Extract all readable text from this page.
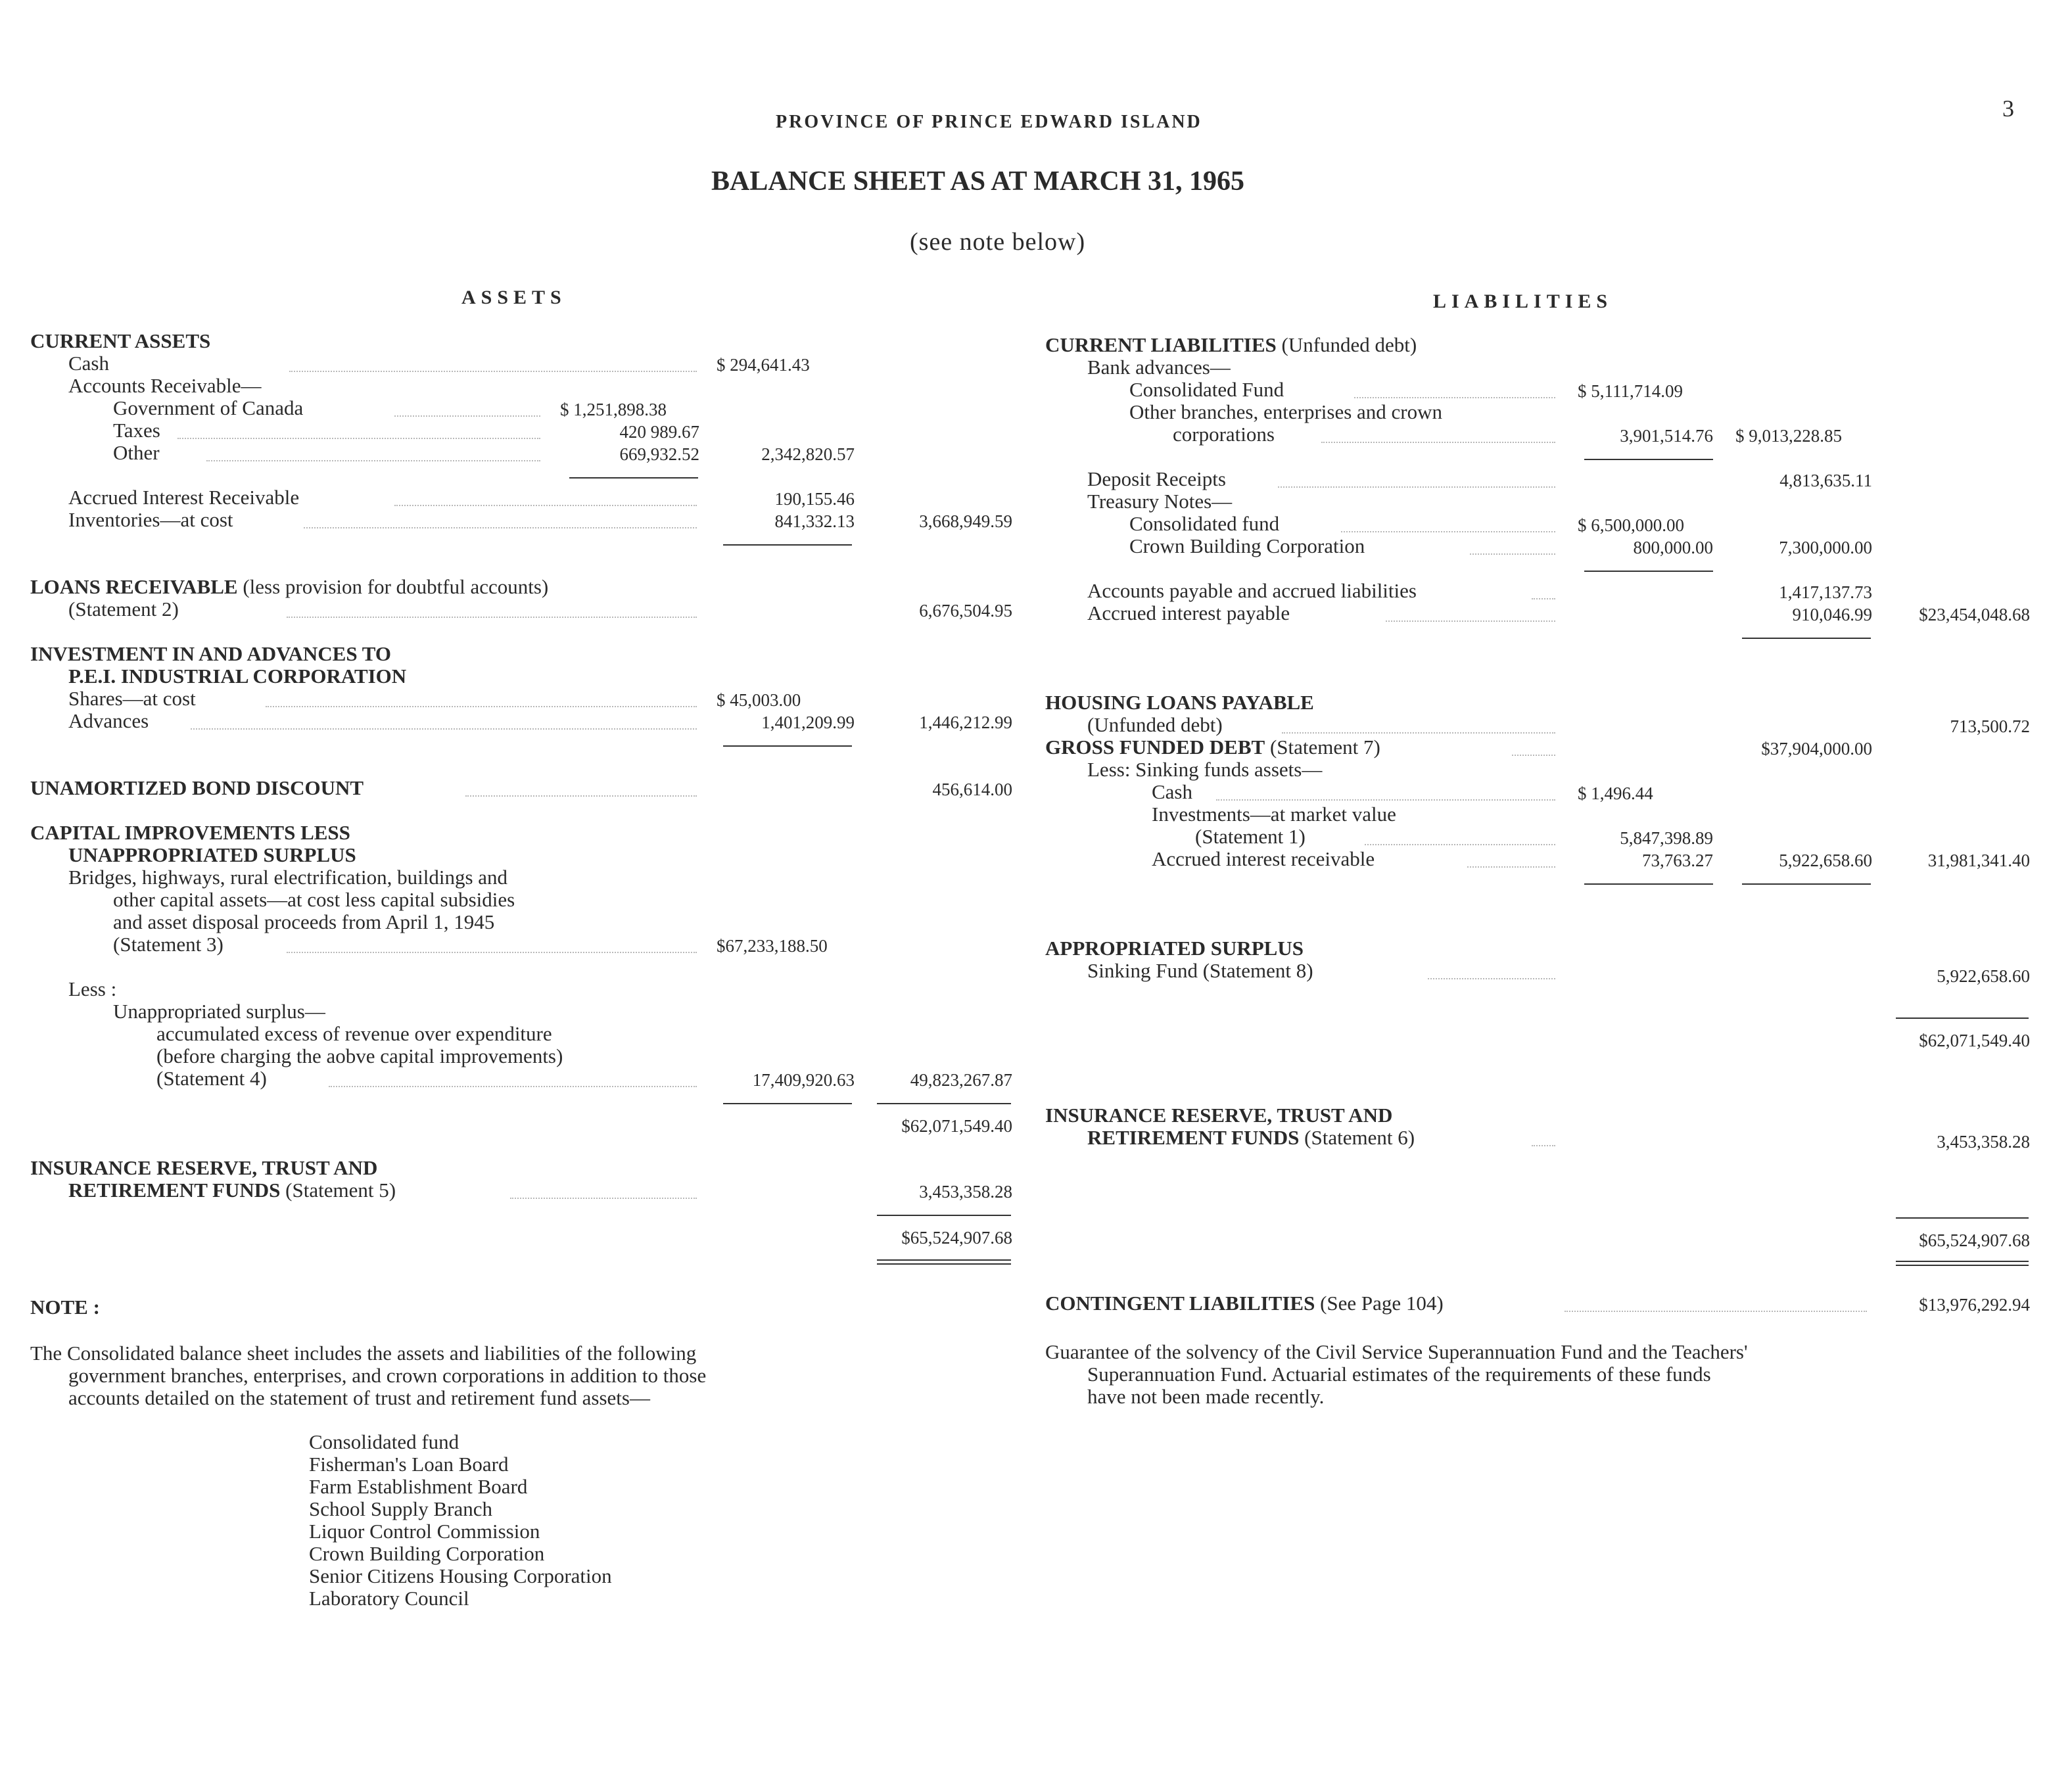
PROVINCE OF PRINCE EDWARD ISLAND
3
BALANCE SHEET AS AT MARCH 31, 1965
(see note below)
ASSETS
CURRENT ASSETS
Cash	$ 294,641.43
Accounts Receivable—
Government of Canada	$ 1,251,898.38
Taxes	420 989.67
Other	669,932.52	2,342,820.57
Accrued Interest Receivable	190,155.46
Inventories—at cost	841,332.13	3,668,949.59
LOANS RECEIVABLE (less provision for doubtful accounts)
(Statement 2)	6,676,504.95
INVESTMENT IN AND ADVANCES TO
P.E.I. INDUSTRIAL CORPORATION
Shares—at cost	$ 45,003.00
Advances	1,401,209.99	1,446,212.99
UNAMORTIZED BOND DISCOUNT	456,614.00
CAPITAL IMPROVEMENTS LESS
UNAPPROPRIATED SURPLUS
Bridges, highways, rural electrification, buildings and
other capital assets—at cost less capital subsidies
and asset disposal proceeds from April 1, 1945
(Statement 3)	$67,233,188.50
Less :
Unappropriated surplus—
accumulated excess of revenue over expenditure
(before charging the aobve capital improvements)
(Statement 4)	17,409,920.63	49,823,267.87
$62,071,549.40
INSURANCE RESERVE, TRUST AND
RETIREMENT FUNDS (Statement 5)	3,453,358.28
$65,524,907.68
LIABILITIES
CURRENT LIABILITIES (Unfunded debt)
Bank advances—
Consolidated Fund	$ 5,111,714.09
Other branches, enterprises and crown
corporations	3,901,514.76 $ 9,013,228.85
Deposit Receipts	4,813,635.11
Treasury Notes—
Consolidated fund	$ 6,500,000.00
Crown Building Corporation	800,000.00	7,300,000.00
Accounts payable and accrued liabilities	1,417,137.73
Accrued interest payable	910,046.99	$23,454,048.68
HOUSING LOANS PAYABLE
(Unfunded debt)	713,500.72
GROSS FUNDED DEBT (Statement 7)	$37,904,000.00
Less: Sinking funds assets—
Cash	$ 1,496.44
Investments—at market value
(Statement 1)	5,847,398.89
Accrued interest receivable	73,763.27	5,922,658.60	31,981,341.40
APPROPRIATED SURPLUS
Sinking Fund (Statement 8)	5,922,658.60
$62,071,549.40
INSURANCE RESERVE, TRUST AND
RETIREMENT FUNDS (Statement 6)	3,453,358.28
$65,524,907.68
CONTINGENT LIABILITIES (See Page 104)	$13,976,292.94
Guarantee of the solvency of the Civil Service Superannuation Fund and the Teachers'
Superannuation Fund. Actuarial estimates of the requirements of these funds
have not been made recently.
NOTE :
The Consolidated balance sheet includes the assets and liabilities of the following
government branches, enterprises, and crown corporations in addition to those
accounts detailed on the statement of trust and retirement fund assets—
Consolidated fund
Fisherman's Loan Board
Farm Establishment Board
School Supply Branch
Liquor Control Commission
Crown Building Corporation
Senior Citizens Housing Corporation
Laboratory Council
